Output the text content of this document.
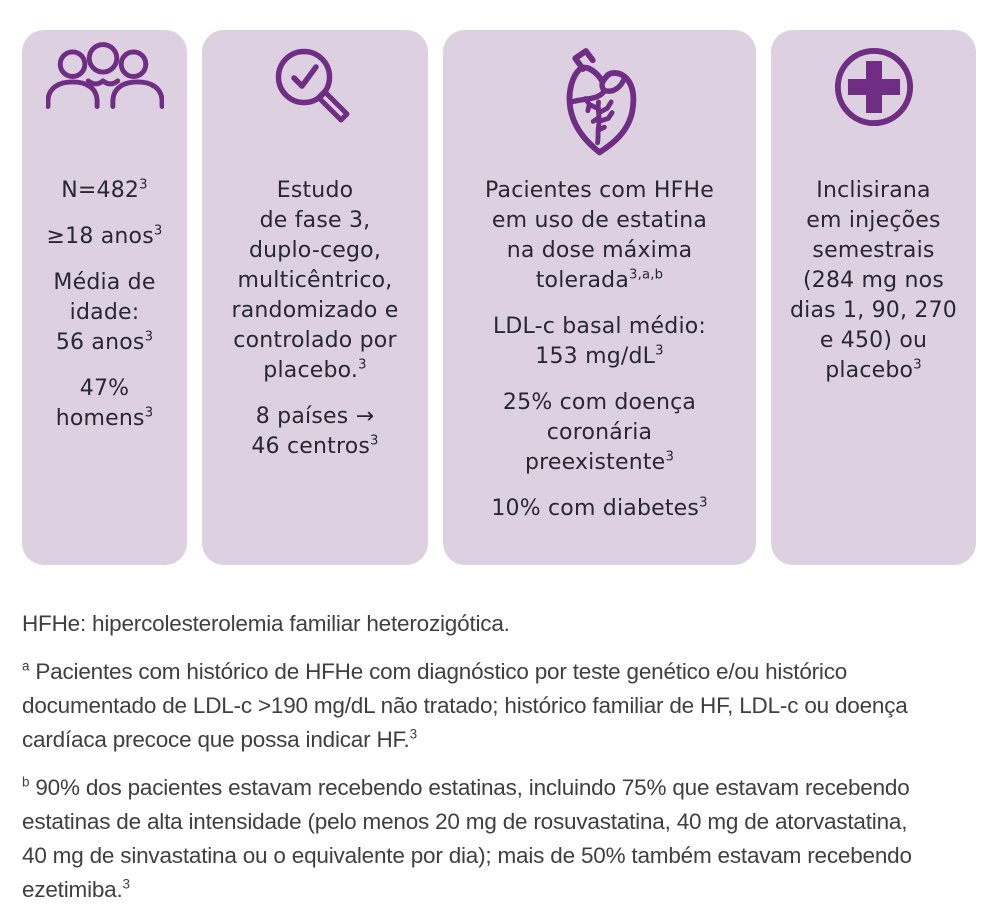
$N=482^3$

≥18 anos$^3$

Média de
idade:
56 anos$^3$

47%
homens$^3$

Estudo
de fase 3,
duplo-cego,
multicêntrico,
randomizado e
controlado por
placebo.$^3$

8 países →
46 centros$^3$

Pacientes com HFHe
em uso de estatina
na dose máxima
tolerada$^{3,a,b}$

LDL-c basal médio:
153 $mg/dL^3$

25% com doença
coronária
preexistente$^3$

10% com diabetes$^3$

Inclisirana
em injeções
semestrais
(284 mg nos
dias 1, 90, 270
e 450) ou
placebo$^3$

HFHe: hipercolesterolemia familiar heterozigótica.

$^a$ Pacientes com histórico de HFHe com diagnóstico por teste genético e/ou histórico documentado de LDL-c >190 mg/dL não tratado; histórico familiar de HF, LDL-c ou doença cardíaca precoce que possa indicar HF.$^3$

$^b$ 90% dos pacientes estavam recebendo estatinas, incluindo 75% que estavam recebendo estatinas de alta intensidade (pelo menos 20 mg de rosuvastatina, 40 mg de atorvastatina, 40 mg de sinvastatina ou o equivalente por dia); mais de 50% também estavam recebendo ezetimiba.$^3$
